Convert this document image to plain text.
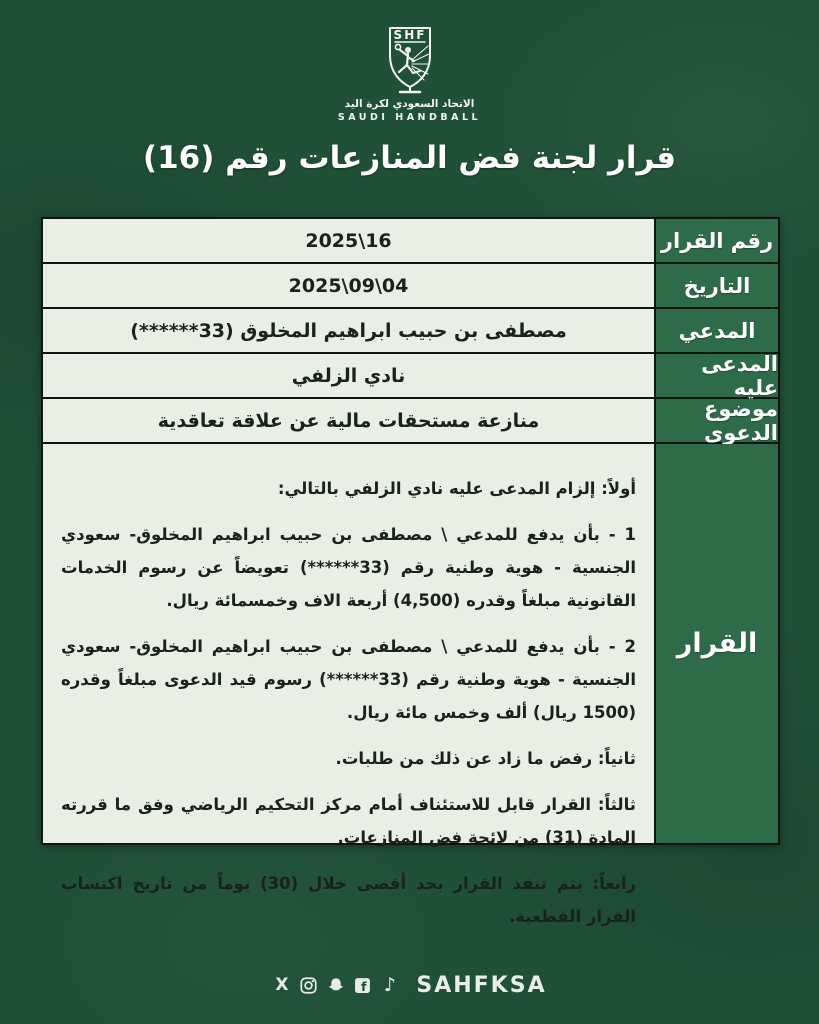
SHF
الاتحاد السعودي لكرة اليد
SAUDI HANDBALL
قرار لجنة فض المنازعات رقم (16)
رقم القرار
16\2025
التاريخ
04\09\2025
المدعي
مصطفى بن حبيب ابراهيم المخلوق (33******)
المدعى عليه
نادي الزلفي
موضوع الدعوى
منازعة مستحقات مالية عن علاقة تعاقدية
القرار

أولاً: إلزام المدعى عليه نادي الزلفي بالتالي:

1 - بأن يدفع للمدعي \ مصطفى بن حبيب ابراهيم المخلوق- سعودي الجنسية - هوية وطنية رقم (33******) تعويضاً عن رسوم الخدمات القانونية مبلغاً وقدره (4,500) أربعة الاف وخمسمائة ريال.

2 - بأن يدفع للمدعي \ مصطفى بن حبيب ابراهيم المخلوق- سعودي الجنسية - هوية وطنية رقم (33******) رسوم قيد الدعوى مبلغاً وقدره (1500 ريال) ألف وخمس مائة ريال.

ثانياً: رفض ما زاد عن ذلك من طلبات.

ثالثاً: القرار قابل للاستئناف أمام مركز التحكيم الرياضي وفق ما قررته المادة (31) من لائحة فض المنازعات.

رابعاً: يتم تنفذ القرار بحد أقصى خلال (30) يوماً من تاريخ اكتساب القرار القطعية.

X	f ♪ SAHFKSA
